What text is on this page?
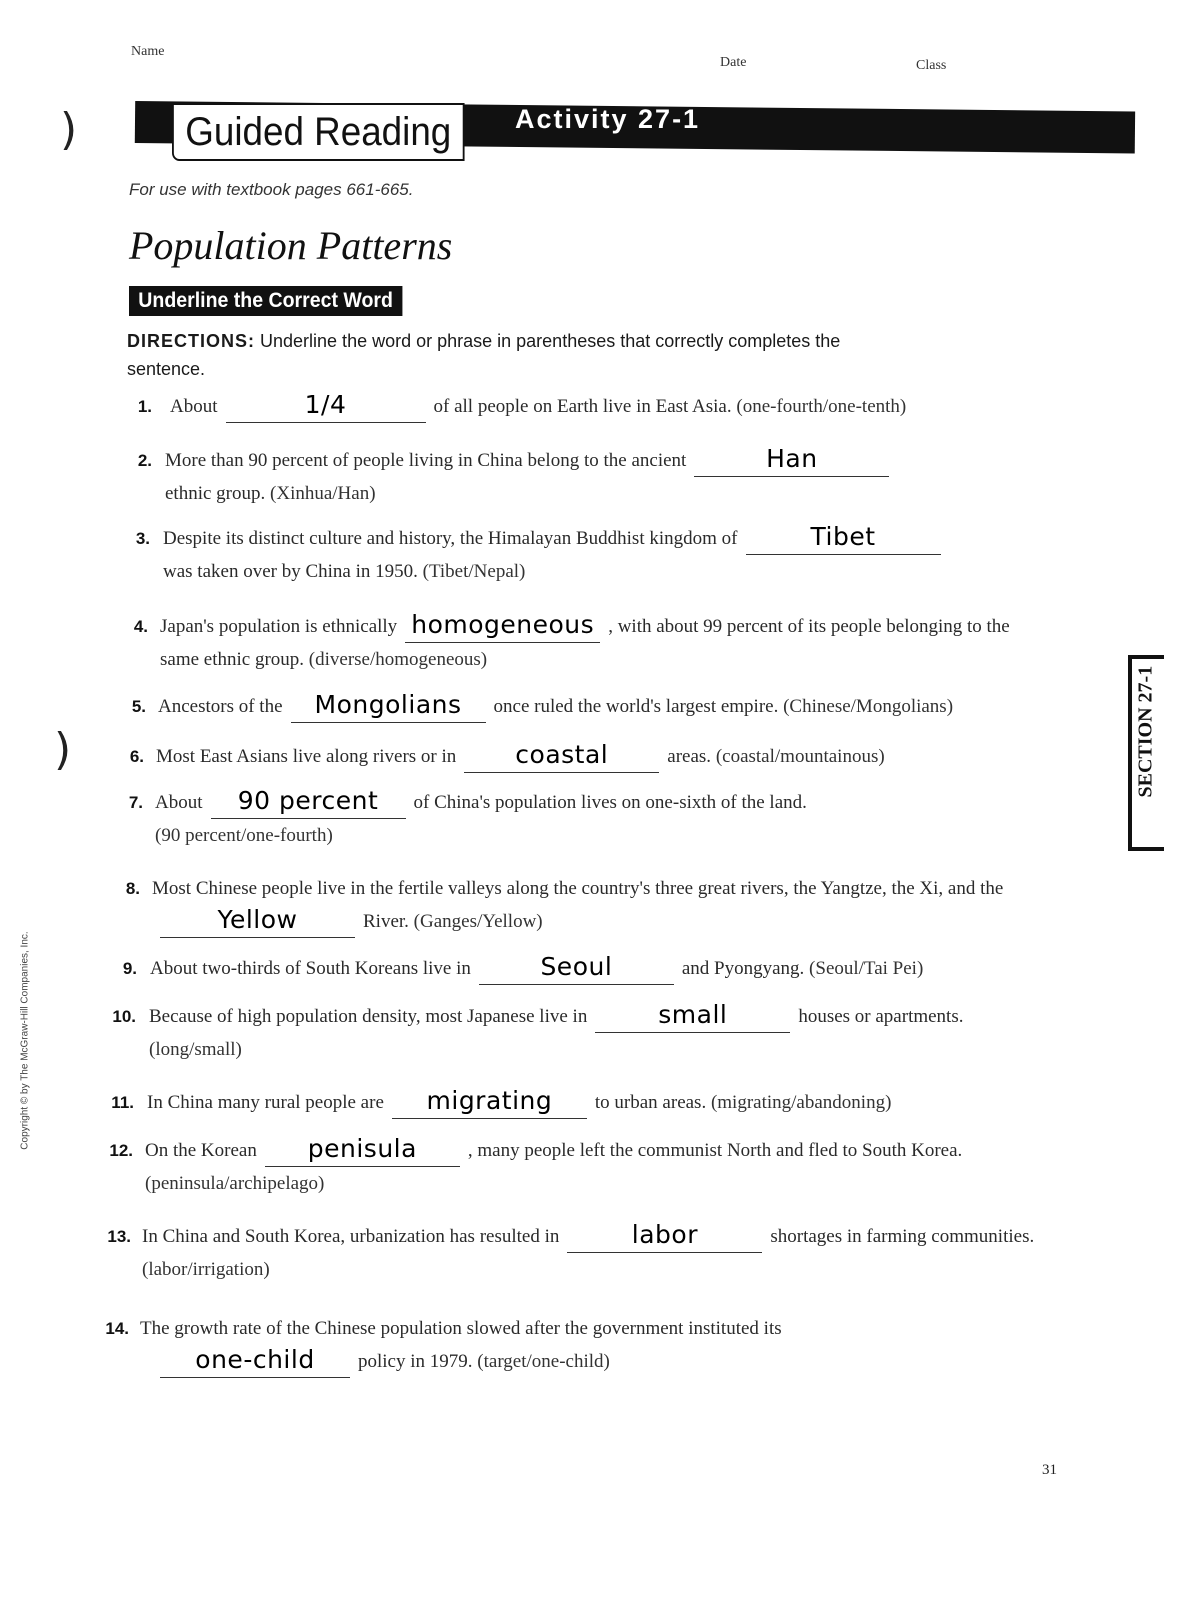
Name
Date	Class
)
)
Guided Reading	Activity 27-1
For use with textbook pages 661-665.
Population Patterns
Underline the Correct Word
DIRECTIONS: Underline the word or phrase in parentheses that correctly completes the sentence.
1. About	1/4	of all people on Earth live in East Asia. (one-fourth/one-tenth)
2. More than 90 percent of people living in China belong to the ancient	Han
ethnic group. (Xinhua/Han)
3. Despite its distinct culture and history, the Himalayan Buddhist kingdom of	Tibet
was taken over by China in 1950. (Tibet/Nepal)
4. Japan's population is ethnically homogeneous , with about 99 percent of its people belonging to the same ethnic group. (diverse/homogeneous)
5. Ancestors of the Mongolians once ruled the world's largest empire. (Chinese/Mongolians)
6. Most East Asians live along rivers or in coastal	areas. (coastal/mountainous)
7. About 90 percent of China's population lives on one-sixth of the land.
(90 percent/one-fourth)
8. Most Chinese people live in the fertile valleys along the country's three great rivers, the Yangtze, the Xi, and theYellow	River. (Ganges/Yellow)
9. About two-thirds of South Koreans live in	Seoul	and Pyongyang. (Seoul/Tai Pei)
10. Because of high population density, most Japanese live in	small	houses or apartments.
(long/small)
11. In China many rural people are migrating to urban areas. (migrating/abandoning)
12. On the Korean penisula	, many people left the communist North and fled to South Korea. (peninsula/archipelago)
13. In China and South Korea, urbanization has resulted in	labor	shortages in farming communities. (labor/irrigation)
14. The growth rate of the Chinese population slowed after the government instituted its
one-child policy in 1979. (target/one-child)
SECTION 27-1
Copyright © by The McGraw-Hill Companies, Inc.
31
